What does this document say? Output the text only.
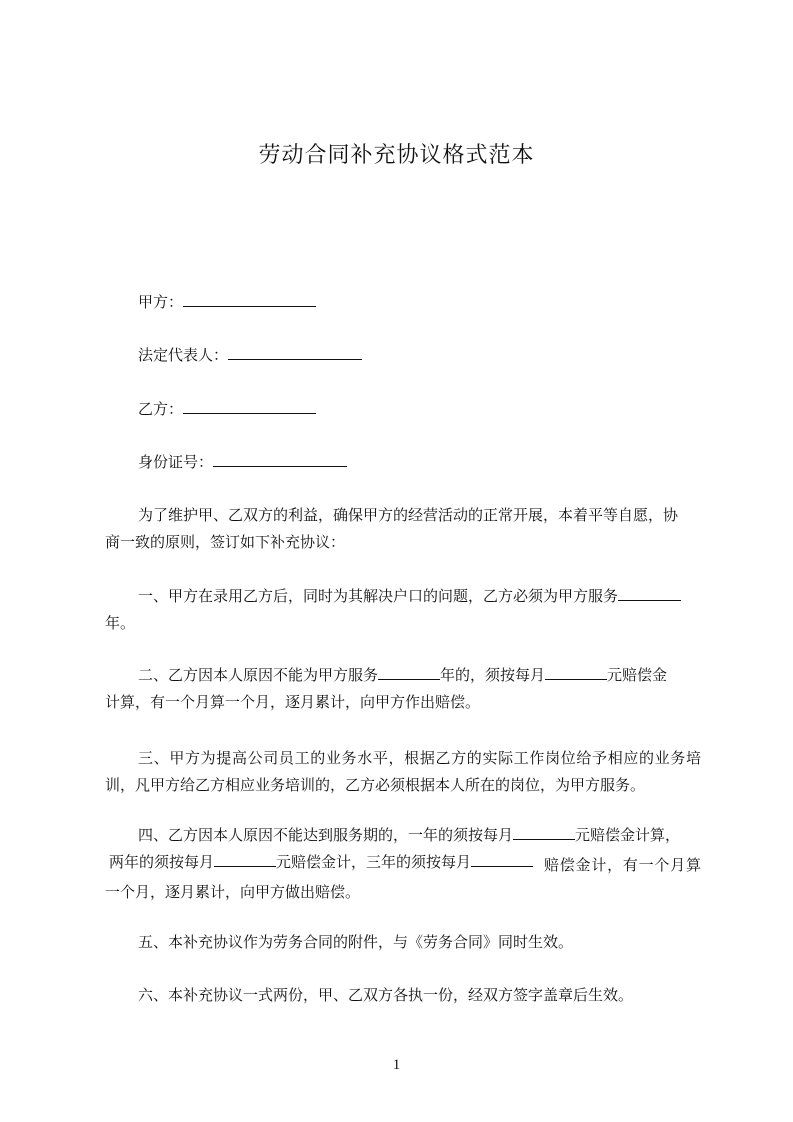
劳动合同补充协议格式范本
甲方：
法定代表人：
乙方：
身份证号：
为了维护甲、乙双方的利益，确保甲方的经营活动的正常开展，本着平等自愿，协
商一致的原则，签订如下补充协议：
一、甲方在录用乙方后，同时为其解决户口的问题，乙方必须为甲方服务
年。
二、乙方因本人原因不能为甲方服务	年的，须按每月	元赔偿金
计算，有一个月算一个月，逐月累计，向甲方作出赔偿。

三、甲方为提高公司员工的业务水平，根据乙方的实际工作岗位给予相应的业务培训，凡甲方给乙方相应业务培训的，乙方必须根据本人所在的岗位，为甲方服务。

四、乙方因本人原因不能达到服务期的，一年的须按每月	元赔偿金计算，
两年的须按每月	元赔偿金计，三年的须按每月	赔偿金计，有一个月算一个月，逐月累计，向甲方做出赔偿。

五、本补充协议作为劳务合同的附件，与《劳务合同》同时生效。
六、本补充协议一式两份，甲、乙双方各执一份，经双方签字盖章后生效。
1
